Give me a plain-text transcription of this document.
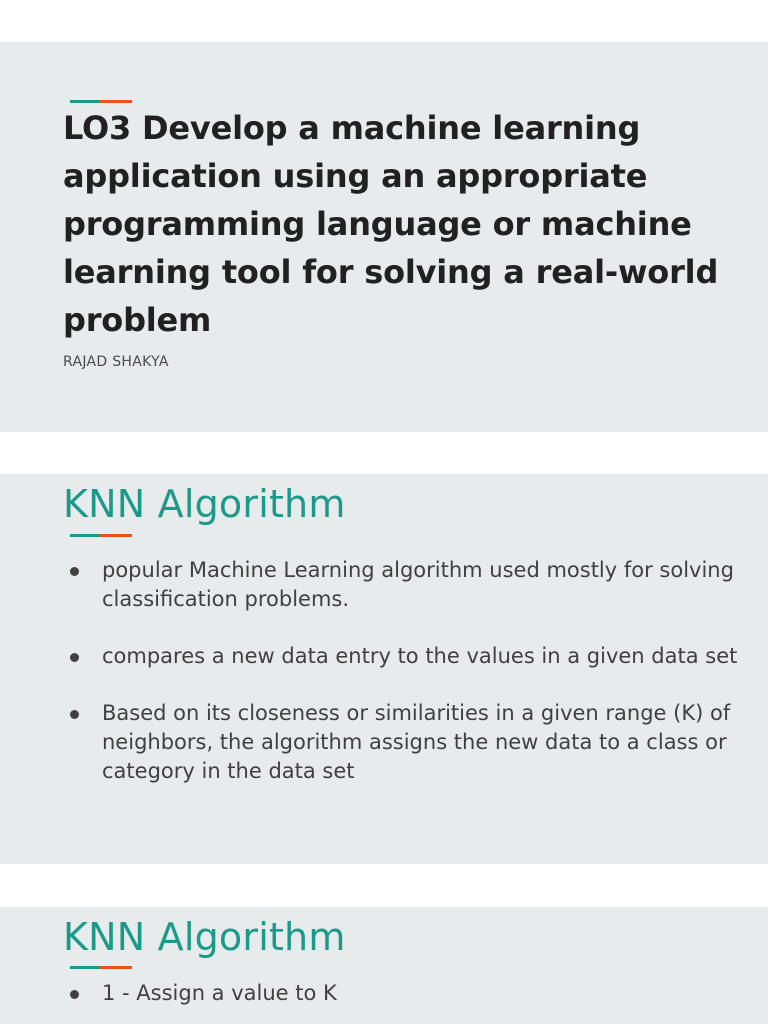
LO3 Develop a machine learning application using an appropriate programming language or machine learning tool for solving a real-world problem
RAJAD SHAKYA
KNN Algorithm
popular Machine Learning algorithm used mostly for solving classification problems.
compares a new data entry to the values in a given data set
Based on its closeness or similarities in a given range (K) of neighbors, the algorithm assigns the new data to a class or category in the data set
KNN Algorithm
1 - Assign a value to K
